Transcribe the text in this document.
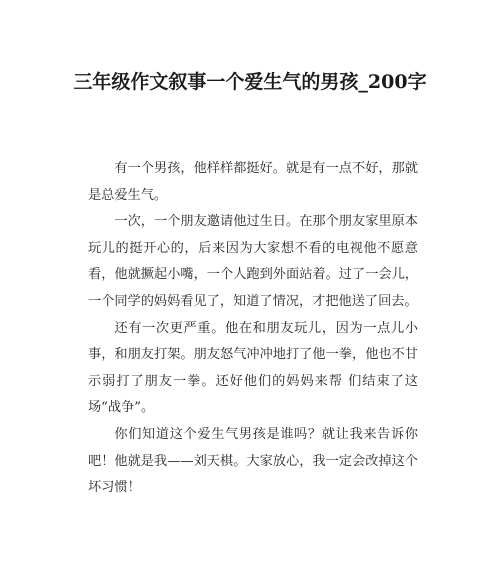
三年级作文叙事一个爱生气的男孩_200字

有一个男孩，他样样都挺好。就是有一点不好，那就是总爱生气。

一次，一个朋友邀请他过生日。在那个朋友家里原本玩儿的挺开心的，后来因为大家想不看的电视他不愿意看，他就撅起小嘴，一个人跑到外面站着。过了一会儿，一个同学的妈妈看见了，知道了情况，才把他送了回去。

还有一次更严重。他在和朋友玩儿，因为一点儿小事，和朋友打架。朋友怒气冲冲地打了他一拳，他也不甘示弱打了朋友一拳。还好他们的妈妈来帮 们结束了这场“战争”。

你们知道这个爱生气男孩是谁吗？就让我来告诉你吧！他就是我——刘天棋。大家放心，我一定会改掉这个坏习惯！
